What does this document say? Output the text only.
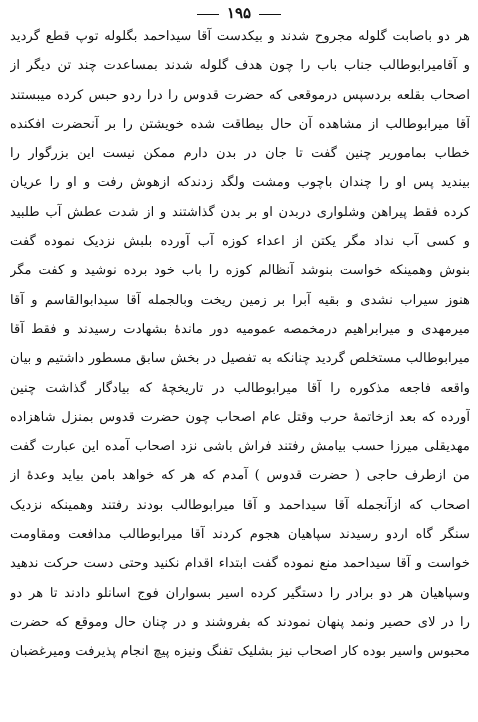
۱۹۵
هر دو باصابت گلوله مجروح شدند و بیکدست آقا سیداحمد بگلوله توپ قطع گردید
و آقامیرابوطالب جناب باب را چون هدف گلوله شدند بمساعدت چند تن دیگر از
اصحاب بقلعه بردسپس درموقعی که حضرت قدوس را درا ردو حبس کرده میبستند
آقا میرابوطالب از مشاهده آن حال بیطاقت شده خویشتن را بر آنحضرت افکنده
خطاب بماموریر چنین گفت تا جان در بدن دارم ممکن نیست این بزرگوار را
بیندید پس او را چندان باچوب ومشت ولگد زدندکه ازهوش رفت و او را عریان
کرده فقط پیراهن وشلواری دربدن او بر بدن گذاشتند و از شدت عطش آب طلبید
و کسی آب نداد مگر یکتن از اعداء کوزه آب آورده بلبش نزدیک نموده گفت
بنوش وهمینکه خواست بنوشد آنظالم کوزه را باب خود برده نوشید و کفت مگر
هنوز سیراب نشدی و بقیه آبرا بر زمین ریخت وبالجمله آقا سیدابوالقاسم و آقا
میرمهدی و میرابراهیم درمخمصه عمومیه دور ماندهٔ بشهادت رسیدند و فقط آقا
میرابوطالب مستخلص گردید چنانکه به تفصیل در بخش سابق مسطور داشتیم و بیان
واقعه فاجعه مذکوره را آقا میرابوطالب در تاریخچهٔ که بیادگار گذاشت چنین
آورده که بعد ازخاتمهٔ حرب وقتل عام اصحاب چون حضرت قدوس بمنزل شاهزاده
مهدیقلی میرزا حسب بیامش رفتند فراش باشی نزد اصحاب آمده این عبارت گفت
من ازطرف حاجی ( حضرت قدوس ) آمدم که هر که خواهد بامن بیاید وعدهٔ از
اصحاب که ازآنجمله آقا سیداحمد و آقا میرابوطالب بودند رفتند وهمینکه نزدیک
سنگر گاه اردو رسیدند سپاهیان هجوم کردند آقا میرابوطالب مدافعت ومقاومت
خواست و آقا سیداحمد منع نموده گفت ابتداء اقدام نکنید وحتی دست حرکت ندهید
وسپاهیان هر دو برادر را دستگیر کرده اسیر بسواران فوج اسانلو دادند تا هر دو
را در لای حصیر ونمد پنهان نمودند که بفروشند و در چنان حال وموقع که حضرت
محبوس واسیر بوده کار اصحاب نیز بشلیک تفنگ ونیزه پیچ انجام پذیرفت ومیرغضبان
